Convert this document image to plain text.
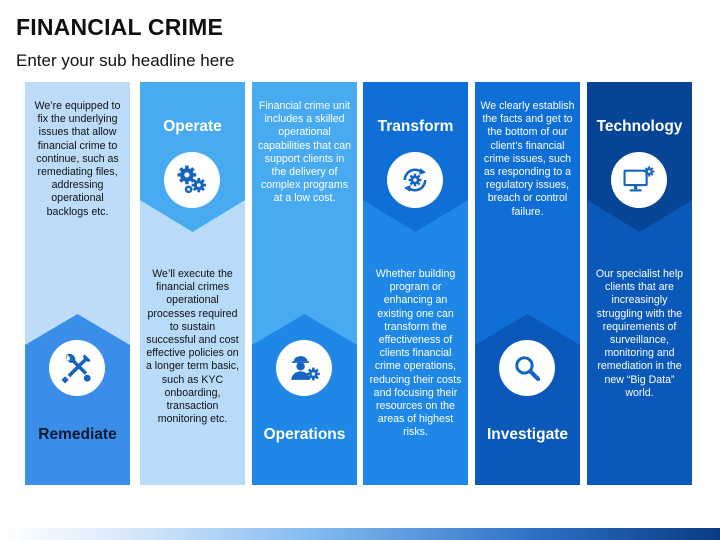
FINANCIAL CRIME
Enter your sub headline here
We’re equipped to fix the underlying issues that allow financial crime to continue, such as remediating files, addressing operational backlogs etc.
Remediate
Operate
We’ll execute the financial crimes operational processes required to sustain successful and cost effective policies on a longer term basic, such as KYC onboarding, transaction monitoring etc.
Financial crime unit includes a skilled operational capabilities that can support clients in the delivery of complex programs at a low cost.
Operations
Transform
Whether building program or enhancing an existing one can transform the effectiveness of clients financial crime operations, reducing their costs and focusing their resources on the areas of highest risks.
We clearly establish the facts and get to the bottom of our client’s financial crime issues, such as responding to a regulatory issues, breach or control failure.
Investigate
Technology
Our specialist help clients that are increasingly struggling with the requirements of surveillance, monitoring and remediation in the new “Big Data” world.
